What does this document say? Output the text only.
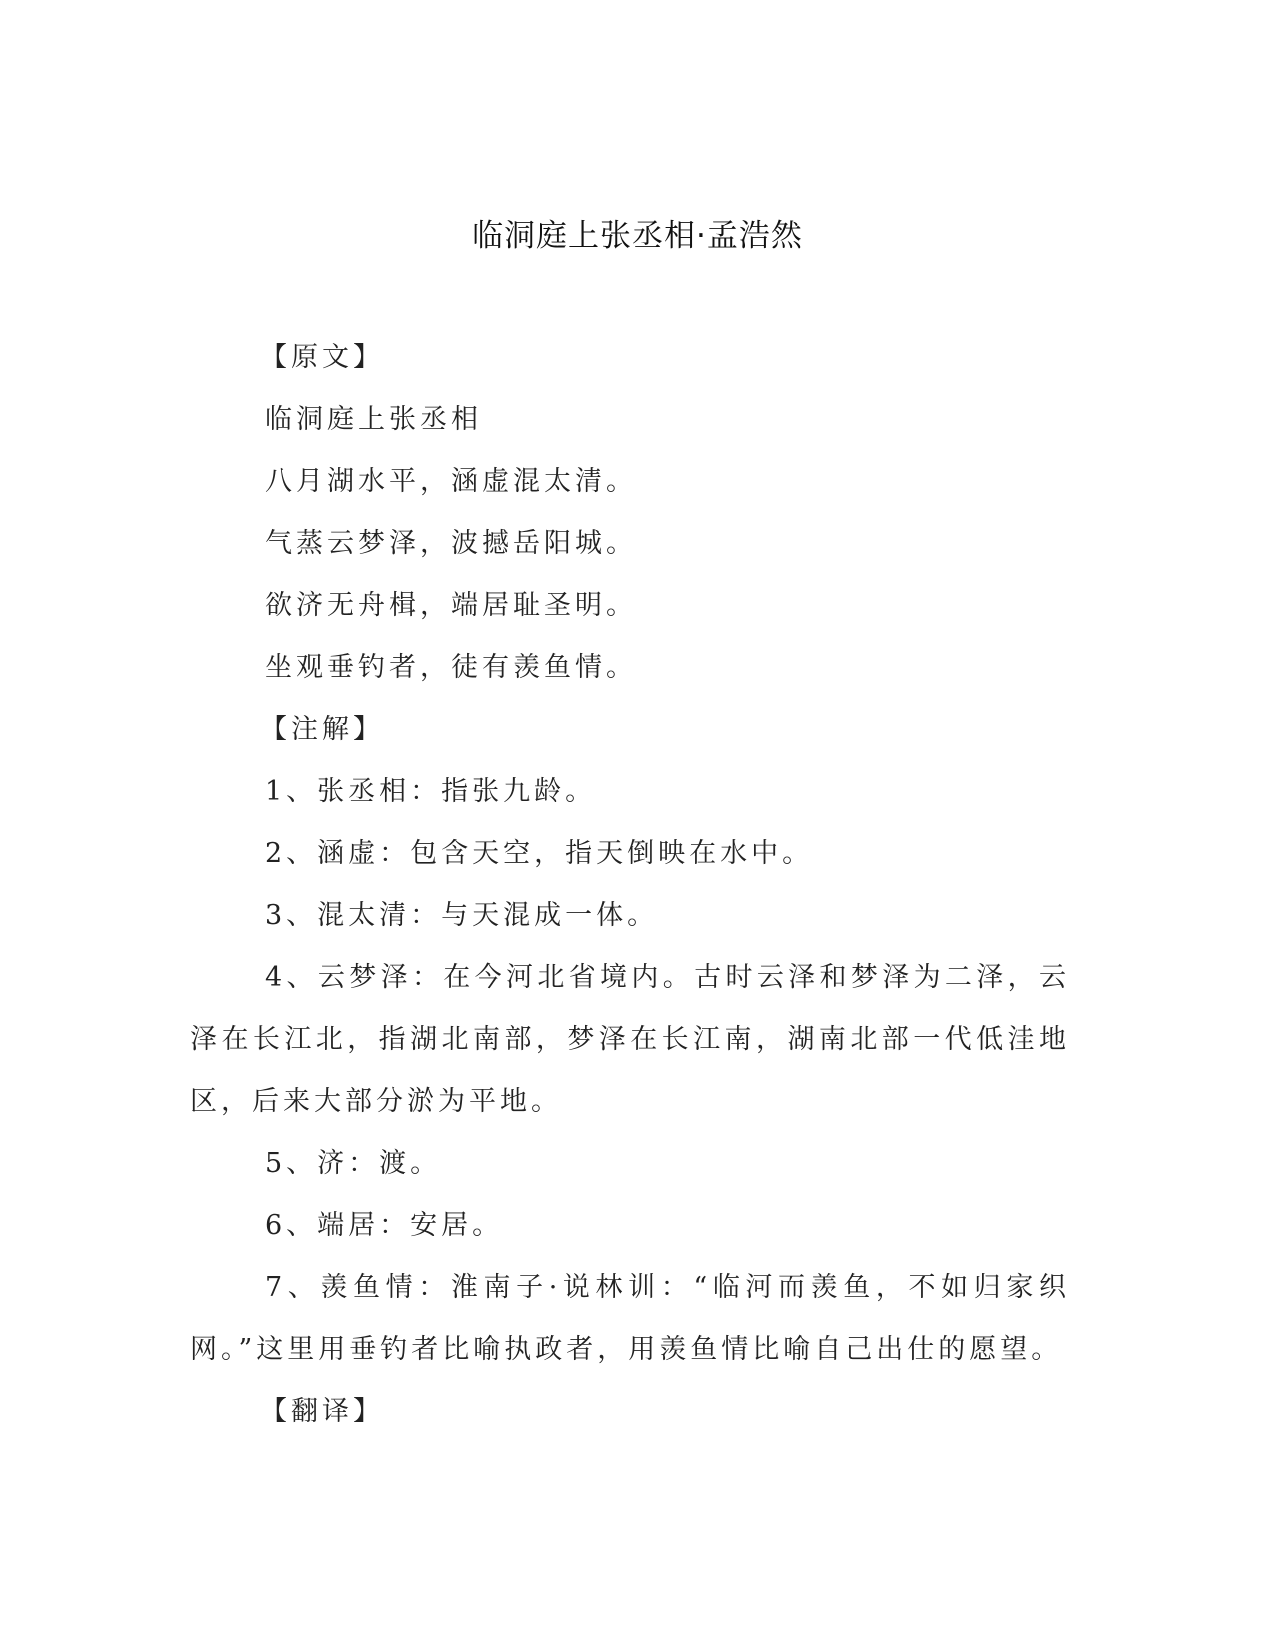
临洞庭上张丞相·孟浩然

【原文】

临洞庭上张丞相

八月湖水平，涵虚混太清。

气蒸云梦泽，波撼岳阳城。

欲济无舟楫，端居耻圣明。

坐观垂钓者，徒有羡鱼情。

【注解】

1、张丞相：指张九龄。

2、涵虚：包含天空，指天倒映在水中。

3、混太清：与天混成一体。

4、云梦泽：在今河北省境内。古时云泽和梦泽为二泽，云泽在长江北，指湖北南部，梦泽在长江南，湖南北部一代低洼地区，后来大部分淤为平地。

5、济：渡。

6、端居：安居。

7、羡鱼情：淮南子·说林训：“临河而羡鱼，不如归家织网。”这里用垂钓者比喻执政者，用羡鱼情比喻自己出仕的愿望。

【翻译】
